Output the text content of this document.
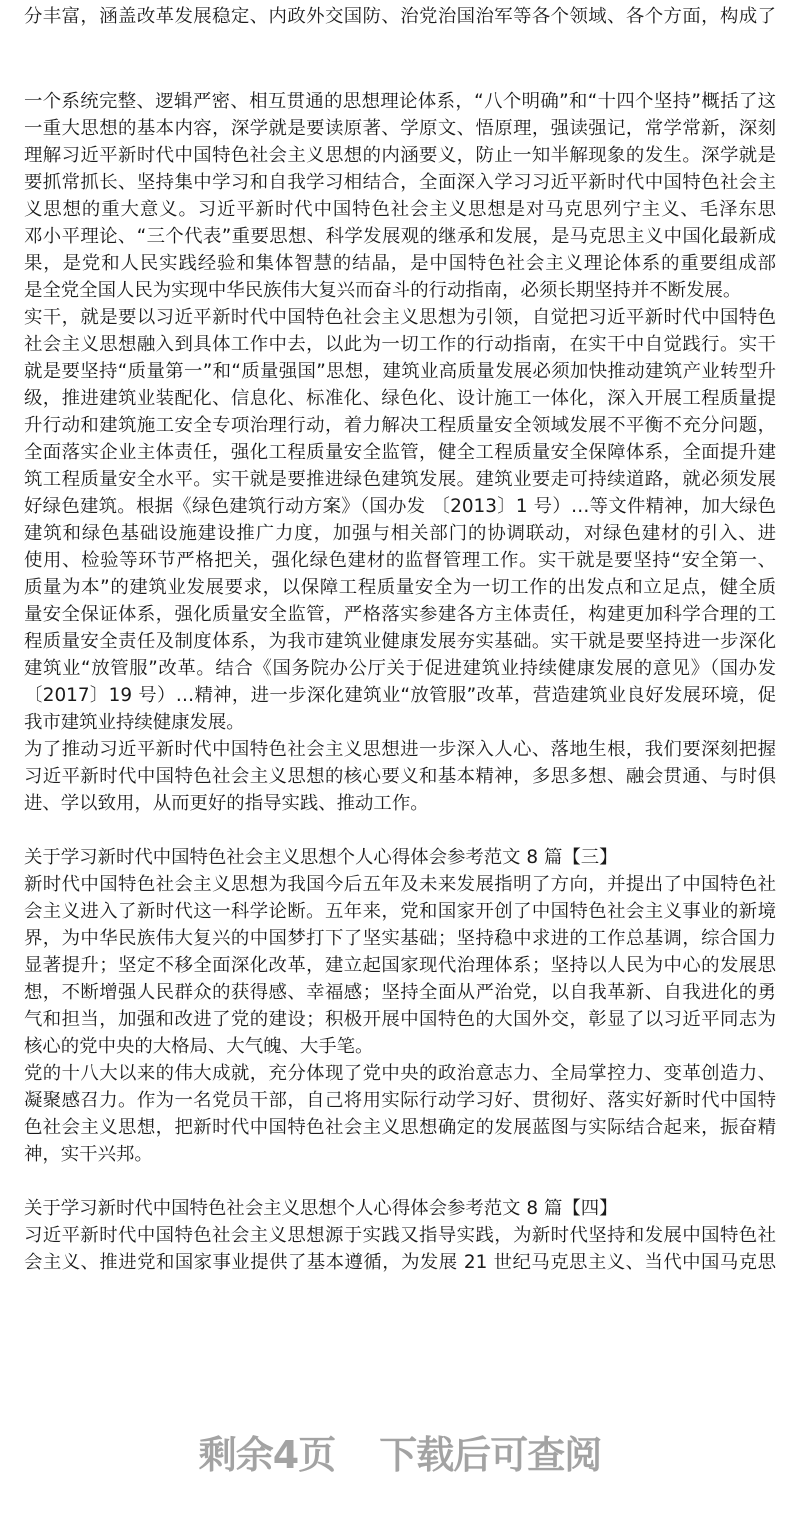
分丰富，涵盖改革发展稳定、内政外交国防、治党治国治军等各个领域、各个方面，构成了
一个系统完整、逻辑严密、相互贯通的思想理论体系，“八个明确”和“十四个坚持”概括了这
一重大思想的基本内容，深学就是要读原著、学原文、悟原理，强读强记，常学常新，深刻
理解习近平新时代中国特色社会主义思想的内涵要义，防止一知半解现象的发生。深学就是
要抓常抓长、坚持集中学习和自我学习相结合，全面深入学习习近平新时代中国特色社会主
义思想的重大意义。习近平新时代中国特色社会主义思想是对马克思列宁主义、毛泽东思
邓小平理论、“三个代表”重要思想、科学发展观的继承和发展，是马克思主义中国化最新成
果，是党和人民实践经验和集体智慧的结晶，是中国特色社会主义理论体系的重要组成部
是全党全国人民为实现中华民族伟大复兴而奋斗的行动指南，必须长期坚持并不断发展。
实干，就是要以习近平新时代中国特色社会主义思想为引领，自觉把习近平新时代中国特色
社会主义思想融入到具体工作中去，以此为一切工作的行动指南，在实干中自觉践行。实干
就是要坚持“质量第一”和“质量强国”思想，建筑业高质量发展必须加快推动建筑产业转型升
级，推进建筑业装配化、信息化、标准化、绿色化、设计施工一体化，深入开展工程质量提
升行动和建筑施工安全专项治理行动，着力解决工程质量安全领域发展不平衡不充分问题，
全面落实企业主体责任，强化工程质量安全监管，健全工程质量安全保障体系，全面提升建
筑工程质量安全水平。实干就是要推进绿色建筑发展。建筑业要走可持续道路，就必须发展
好绿色建筑。根据《绿色建筑行动方案》（国办发 〔2013〕1 号）…等文件精神，加大绿色
建筑和绿色基础设施建设推广力度，加强与相关部门的协调联动，对绿色建材的引入、进
使用、检验等环节严格把关，强化绿色建材的监督管理工作。实干就是要坚持“安全第一、
质量为本”的建筑业发展要求，以保障工程质量安全为一切工作的出发点和立足点，健全质
量安全保证体系，强化质量安全监管，严格落实参建各方主体责任，构建更加科学合理的工
程质量安全责任及制度体系，为我市建筑业健康发展夯实基础。实干就是要坚持进一步深化
建筑业“放管服”改革。结合《国务院办公厅关于促进建筑业持续健康发展的意见》（国办发
〔2017〕19 号）…精神，进一步深化建筑业“放管服”改革，营造建筑业良好发展环境，促
我市建筑业持续健康发展。
为了推动习近平新时代中国特色社会主义思想进一步深入人心、落地生根，我们要深刻把握
习近平新时代中国特色社会主义思想的核心要义和基本精神，多思多想、融会贯通、与时俱
进、学以致用，从而更好的指导实践、推动工作。
关于学习新时代中国特色社会主义思想个人心得体会参考范文 8 篇【三】
新时代中国特色社会主义思想为我国今后五年及未来发展指明了方向，并提出了中国特色社
会主义进入了新时代这一科学论断。五年来，党和国家开创了中国特色社会主义事业的新境
界，为中华民族伟大复兴的中国梦打下了坚实基础；坚持稳中求进的工作总基调，综合国力
显著提升；坚定不移全面深化改革，建立起国家现代治理体系；坚持以人民为中心的发展思
想，不断增强人民群众的获得感、幸福感；坚持全面从严治党，以自我革新、自我进化的勇
气和担当，加强和改进了党的建设；积极开展中国特色的大国外交，彰显了以习近平同志为
核心的党中央的大格局、大气魄、大手笔。
党的十八大以来的伟大成就，充分体现了党中央的政治意志力、全局掌控力、变革创造力、
凝聚感召力。作为一名党员干部，自己将用实际行动学习好、贯彻好、落实好新时代中国特
色社会主义思想，把新时代中国特色社会主义思想确定的发展蓝图与实际结合起来，振奋精
神，实干兴邦。
关于学习新时代中国特色社会主义思想个人心得体会参考范文 8 篇【四】
习近平新时代中国特色社会主义思想源于实践又指导实践，为新时代坚持和发展中国特色社
会主义、推进党和国家事业提供了基本遵循，为发展 21 世纪马克思主义、当代中国马克思
剩余4页 下载后可查阅
